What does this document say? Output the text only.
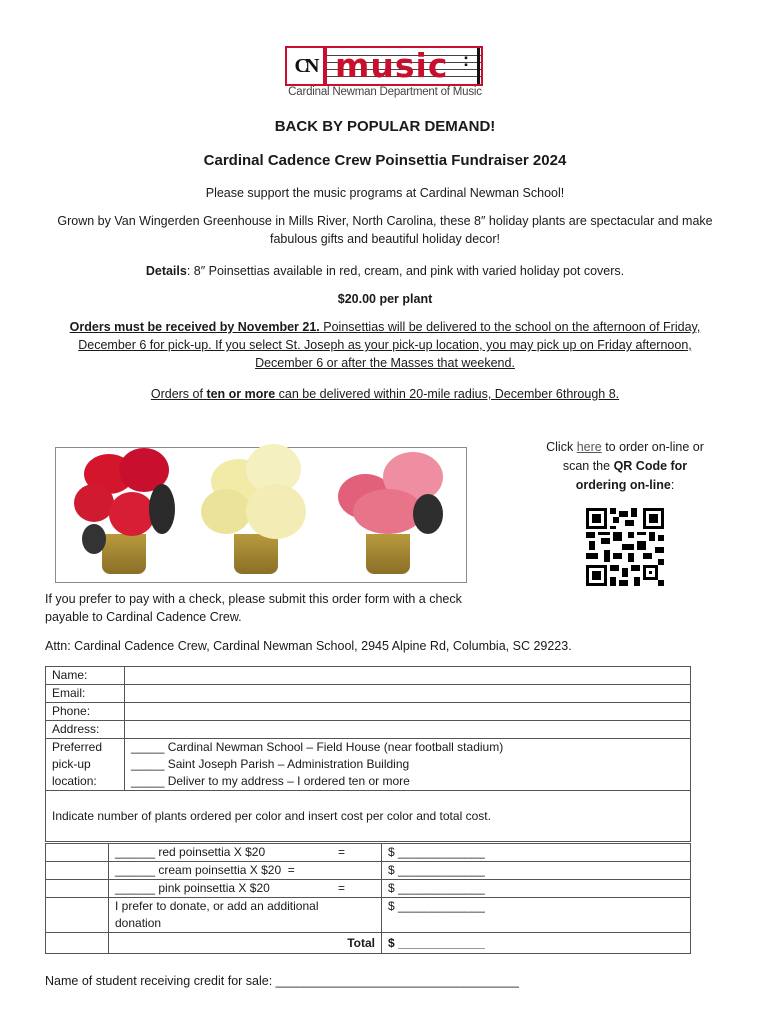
CN music :
Cardinal Newman Department of Music
BACK BY POPULAR DEMAND!
Cardinal Cadence Crew Poinsettia Fundraiser 2024
Please support the music programs at Cardinal Newman School!
Grown by Van Wingerden Greenhouse in Mills River, North Carolina, these 8″ holiday plants are spectacular and make
fabulous gifts and beautiful holiday decor!
Details: 8″ Poinsettias available in red, cream, and pink with varied holiday pot covers.
$20.00 per plant
Orders must be received by November 21. Poinsettias will be delivered to the school on the afternoon of Friday,
December 6 for pick-up. If you select St. Joseph as your pick-up location, you may pick up on Friday afternoon,
December 6 or after the Masses that weekend.
Orders of ten or more can be delivered within 20-mile radius, December 6through 8.
Click here to order on-line or
scan the QR Code for
ordering on-line:
If you prefer to pay with a check, please submit this order form with a check
payable to Cardinal Cadence Crew.
Attn: Cardinal Cadence Crew, Cardinal Newman School, 2945 Alpine Rd, Columbia, SC 29223.
Name:	
Email:	
Phone:	
Address:	
Preferred
pick-up
location:	
_____ Cardinal Newman School – Field House (near football stadium)
_____ Saint Joseph Parish – Administration Building
_____ Deliver to my address – I ordered ten or more

Indicate number of plants ordered per color and insert cost per color and total cost.	
	______ red poinsettia X $20 =	$ _____________
	______ cream poinsettia X $20 =	$ _____________
	______ pink poinsettia X $20 =	$ _____________
	I prefer to donate, or add an additional
donation	$ _____________
	Total	$ _____________
Name of student receiving credit for sale: ___________________________________
